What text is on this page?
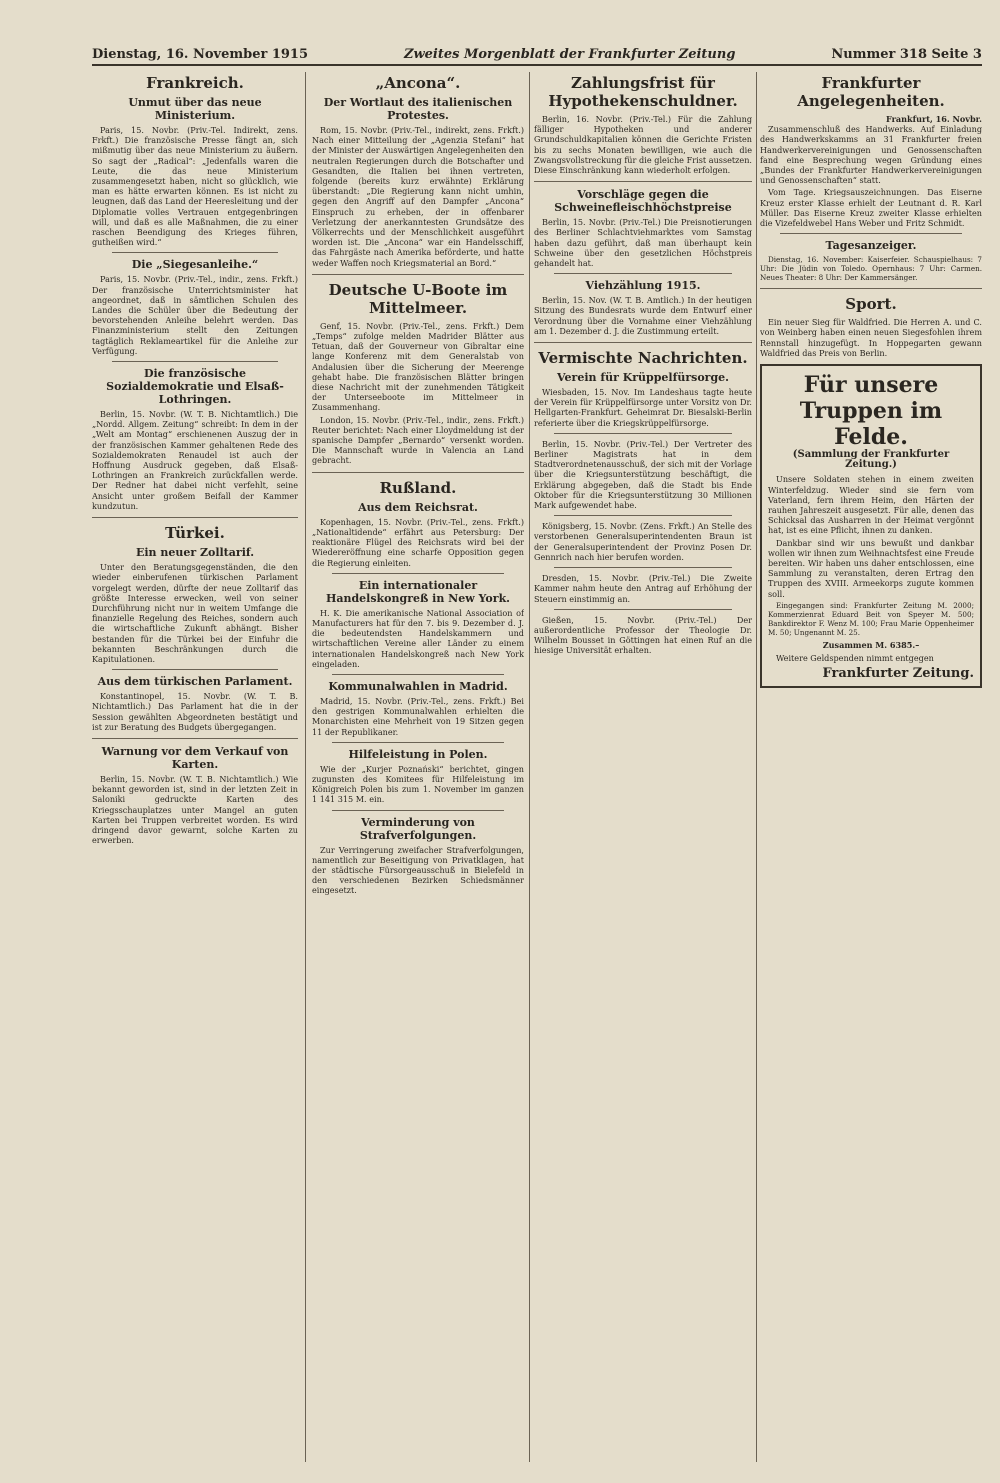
Dienstag, 16. November 1915	Zweites Morgenblatt der Frankfurter Zeitung	Nummer 318 Seite 3
Frankreich.
Unmut über das neue Ministerium.
Paris, 15. Novbr. (Priv.-Tel. Indirekt, zens. Frkft.) Die französische Presse fängt an, sich mißmutig über das neue Ministerium zu äußern. So sagt der „Radical“: „Jedenfalls waren die Leute, die das neue Ministerium zusammengesetzt haben, nicht so glücklich, wie man es hätte erwarten können. Es ist nicht zu leugnen, daß das Land der Heeresleitung und der Diplomatie volles Vertrauen entgegenbringen will, und daß es alle Maßnahmen, die zu einer raschen Beendigung des Krieges führen, gutheißen wird.“
Die „Siegesanleihe.“
Paris, 15. Novbr. (Priv.-Tel., indir., zens. Frkft.) Der französische Unterrichtsminister hat angeordnet, daß in sämtlichen Schulen des Landes die Schüler über die Bedeutung der bevorstehenden Anleihe belehrt werden. Das Finanzministerium stellt den Zeitungen tagtäglich Reklameartikel für die Anleihe zur Verfügung.
Die französische Sozialdemokratie und Elsaß-Lothringen.
Berlin, 15. Novbr. (W. T. B. Nichtamtlich.) Die „Nordd. Allgem. Zeitung“ schreibt: In dem in der „Welt am Montag“ erschienenen Auszug der in der französischen Kammer gehaltenen Rede des Sozialdemokraten Renaudel ist auch der Hoffnung Ausdruck gegeben, daß Elsaß-Lothringen an Frankreich zurückfallen werde. Der Redner hat dabei nicht verfehlt, seine Ansicht unter großem Beifall der Kammer kundzutun.
Türkei.
Ein neuer Zolltarif.
Unter den Beratungsgegenständen, die den wieder einberufenen türkischen Parlament vorgelegt werden, dürfte der neue Zolltarif das größte Interesse erwecken, weil von seiner Durchführung nicht nur in weitem Umfange die finanzielle Regelung des Reiches, sondern auch die wirtschaftliche Zukunft abhängt. Bisher bestanden für die Türkei bei der Einfuhr die bekannten Beschränkungen durch die Kapitulationen.
Aus dem türkischen Parlament.
Konstantinopel, 15. Novbr. (W. T. B. Nichtamtlich.) Das Parlament hat die in der Session gewählten Abgeordneten bestätigt und ist zur Beratung des Budgets übergegangen.
Warnung vor dem Verkauf von Karten.
Berlin, 15. Novbr. (W. T. B. Nichtamtlich.) Wie bekannt geworden ist, sind in der letzten Zeit in Saloniki gedruckte Karten des Kriegsschauplatzes unter Mangel an guten Karten bei Truppen verbreitet worden. Es wird dringend davor gewarnt, solche Karten zu erwerben.
„Ancona“.
Der Wortlaut des italienischen Protestes.
Rom, 15. Novbr. (Priv.-Tel., indirekt, zens. Frkft.) Nach einer Mitteilung der „Agenzia Stefani“ hat der Minister der Auswärtigen Angelegenheiten den neutralen Regierungen durch die Botschafter und Gesandten, die Italien bei ihnen vertreten, folgende (bereits kurz erwähnte) Erklärung überstandt: „Die Regierung kann nicht umhin, gegen den Angriff auf den Dampfer „Ancona“ Einspruch zu erheben, der in offenbarer Verletzung der anerkanntesten Grundsätze des Völkerrechts und der Menschlichkeit ausgeführt worden ist. Die „Ancona“ war ein Handelsschiff, das Fahrgäste nach Amerika beförderte, und hatte weder Waffen noch Kriegsmaterial an Bord.“
Deutsche U-Boote im Mittelmeer.
Genf, 15. Novbr. (Priv.-Tel., zens. Frkft.) Dem „Temps“ zufolge melden Madrider Blätter aus Tetuan, daß der Gouverneur von Gibraltar eine lange Konferenz mit dem Generalstab von Andalusien über die Sicherung der Meerenge gehabt habe. Die französischen Blätter bringen diese Nachricht mit der zunehmenden Tätigkeit der Unterseeboote im Mittelmeer in Zusammenhang.
London, 15. Novbr. (Priv.-Tel., indir., zens. Frkft.) Reuter berichtet: Nach einer Lloydmeldung ist der spanische Dampfer „Bernardo“ versenkt worden. Die Mannschaft wurde in Valencia an Land gebracht.
Rußland.
Aus dem Reichsrat.
Kopenhagen, 15. Novbr. (Priv.-Tel., zens. Frkft.) „Nationaltidende“ erfährt aus Petersburg: Der reaktionäre Flügel des Reichsrats wird bei der Wiedereröffnung eine scharfe Opposition gegen die Regierung einleiten.
Ein internationaler Handelskongreß in New York.
H. K. Die amerikanische National Association of Manufacturers hat für den 7. bis 9. Dezember d. J. die bedeutendsten Handelskammern und wirtschaftlichen Vereine aller Länder zu einem internationalen Handelskongreß nach New York eingeladen.
Kommunalwahlen in Madrid.
Madrid, 15. Novbr. (Priv.-Tel., zens. Frkft.) Bei den gestrigen Kommunalwahlen erhielten die Monarchisten eine Mehrheit von 19 Sitzen gegen 11 der Republikaner.
Hilfeleistung in Polen.
Wie der „Kurjer Poznański“ berichtet, gingen zugunsten des Komitees für Hilfeleistung im Königreich Polen bis zum 1. November im ganzen 1 141 315 M. ein.
Verminderung von Strafverfolgungen.
Zur Verringerung zweifacher Strafverfolgungen, namentlich zur Beseitigung von Privatklagen, hat der städtische Fürsorgeausschuß in Bielefeld in den verschiedenen Bezirken Schiedsmänner eingesetzt.
Zahlungsfrist für Hypothekenschuldner.
Berlin, 16. Novbr. (Priv.-Tel.) Für die Zahlung fälliger Hypotheken und anderer Grundschuldkapitalien können die Gerichte Fristen bis zu sechs Monaten bewilligen, wie auch die Zwangsvollstreckung für die gleiche Frist aussetzen. Diese Einschränkung kann wiederholt erfolgen.
Vorschläge gegen die Schweinefleischhöchstpreise
Berlin, 15. Novbr. (Priv.-Tel.) Die Preisnotierungen des Berliner Schlachtviehmarktes vom Samstag haben dazu geführt, daß man überhaupt kein Schweine über den gesetzlichen Höchstpreis gehandelt hat.
Viehzählung 1915.
Berlin, 15. Nov. (W. T. B. Amtlich.) In der heutigen Sitzung des Bundesrats wurde dem Entwurf einer Verordnung über die Vornahme einer Viehzählung am 1. Dezember d. J. die Zustimmung erteilt.
Vermischte Nachrichten.
Verein für Krüppelfürsorge.
Wiesbaden, 15. Nov. Im Landeshaus tagte heute der Verein für Krüppelfürsorge unter Vorsitz von Dr. Hellgarten-Frankfurt. Geheimrat Dr. Biesalski-Berlin referierte über die Kriegskrüppelfürsorge.
Berlin, 15. Novbr. (Priv.-Tel.) Der Vertreter des Berliner Magistrats hat in dem Stadtverordnetenausschuß, der sich mit der Vorlage über die Kriegsunterstützung beschäftigt, die Erklärung abgegeben, daß die Stadt bis Ende Oktober für die Kriegsunterstützung 30 Millionen Mark aufgewendet habe.
Königsberg, 15. Novbr. (Zens. Frkft.) An Stelle des verstorbenen Generalsuperintendenten Braun ist der Generalsuperintendent der Provinz Posen Dr. Gennrich nach hier berufen worden.
Dresden, 15. Novbr. (Priv.-Tel.) Die Zweite Kammer nahm heute den Antrag auf Erhöhung der Steuern einstimmig an.
Gießen, 15. Novbr. (Priv.-Tel.) Der außerordentliche Professor der Theologie Dr. Wilhelm Bousset in Göttingen hat einen Ruf an die hiesige Universität erhalten.
Frankfurter Angelegenheiten.
Frankfurt, 16. Novbr.
Zusammenschluß des Handwerks. Auf Einladung des Handwerkskamms an 31 Frankfurter freien Handwerkervereinigungen und Genossenschaften fand eine Besprechung wegen Gründung eines „Bundes der Frankfurter Handwerkervereinigungen und Genossenschaften“ statt.
Vom Tage. Kriegsauszeichnungen. Das Eiserne Kreuz erster Klasse erhielt der Leutnant d. R. Karl Müller. Das Eiserne Kreuz zweiter Klasse erhielten die Vizefeldwebel Hans Weber und Fritz Schmidt.
Tagesanzeiger.
Dienstag, 16. November: Kaiserfeier. Schauspielhaus: 7 Uhr: Die Jüdin von Toledo. Opernhaus: 7 Uhr: Carmen. Neues Theater: 8 Uhr: Der Kammersänger.
Sport.
Ein neuer Sieg für Waldfried. Die Herren A. und C. von Weinberg haben einen neuen Siegesfohlen ihrem Rennstall hinzugefügt. In Hoppegarten gewann Waldfried das Preis von Berlin.
Für unsere Truppen im Felde.
(Sammlung der Frankfurter Zeitung.)
Unsere Soldaten stehen in einem zweiten Winterfeldzug. Wieder sind sie fern vom Vaterland, fern ihrem Heim, den Härten der rauhen Jahreszeit ausgesetzt. Für alle, denen das Schicksal das Ausharren in der Heimat vergönnt hat, ist es eine Pflicht, ihnen zu danken.
Dankbar sind wir uns bewußt und dankbar wollen wir ihnen zum Weihnachtsfest eine Freude bereiten. Wir haben uns daher entschlossen, eine Sammlung zu veranstalten, deren Ertrag den Truppen des XVIII. Armeekorps zugute kommen soll.
Eingegangen sind: Frankfurter Zeitung M. 2000; Kommerzienrat Eduard Beit von Speyer M. 500; Bankdirektor F. Wenz M. 100; Frau Marie Oppenheimer M. 50; Ungenannt M. 25.
Zusammen M. 6385.–
Weitere Geldspenden nimmt entgegen
Frankfurter Zeitung.
